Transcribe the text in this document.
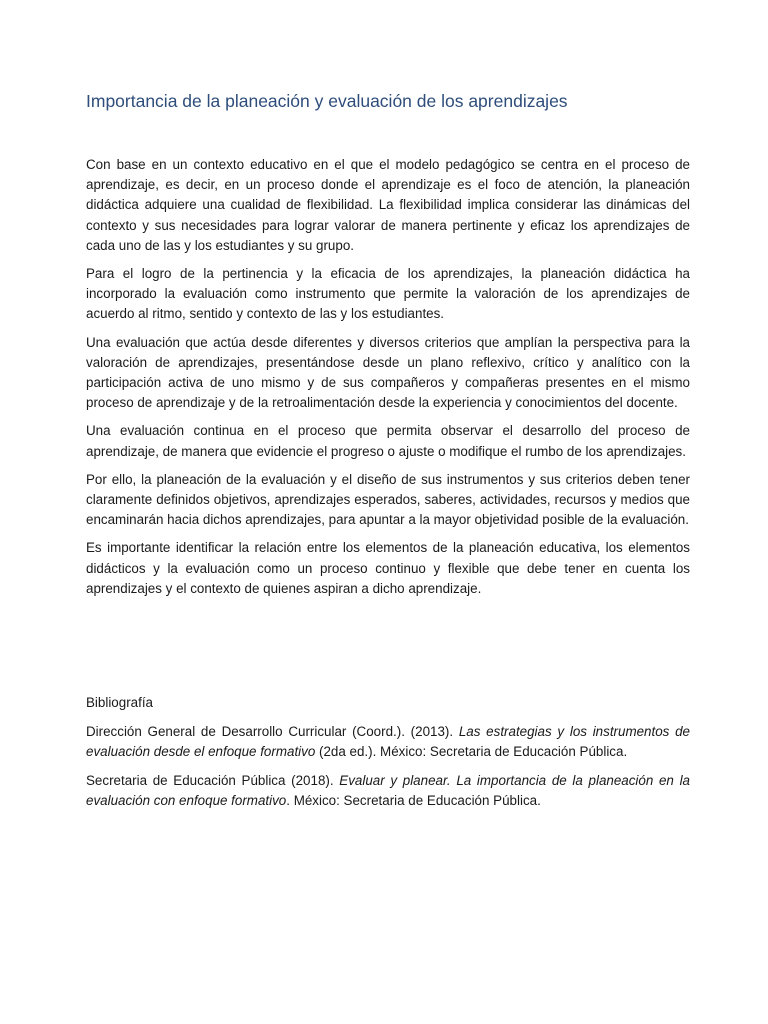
Importancia de la planeación y evaluación de los aprendizajes

Con base en un contexto educativo en el que el modelo pedagógico se centra en el proceso de aprendizaje, es decir, en un proceso donde el aprendizaje es el foco de atención, la planeación didáctica adquiere una cualidad de flexibilidad. La flexibilidad implica considerar las dinámicas del contexto y sus necesidades para lograr valorar de manera pertinente y eficaz los aprendizajes de cada uno de las y los estudiantes y su grupo.

Para el logro de la pertinencia y la eficacia de los aprendizajes, la planeación didáctica ha incorporado la evaluación como instrumento que permite la valoración de los aprendizajes de acuerdo al ritmo, sentido y contexto de las y los estudiantes.

Una evaluación que actúa desde diferentes y diversos criterios que amplían la perspectiva para la valoración de aprendizajes, presentándose desde un plano reflexivo, crítico y analítico con la participación activa de uno mismo y de sus compañeros y compañeras presentes en el mismo proceso de aprendizaje y de la retroalimentación desde la experiencia y conocimientos del docente.

Una evaluación continua en el proceso que permita observar el desarrollo del proceso de aprendizaje, de manera que evidencie el progreso o ajuste o modifique el rumbo de los aprendizajes.

Por ello, la planeación de la evaluación y el diseño de sus instrumentos y sus criterios deben tener claramente definidos objetivos, aprendizajes esperados, saberes, actividades, recursos y medios que encaminarán hacia dichos aprendizajes, para apuntar a la mayor objetividad posible de la evaluación.

Es importante identificar la relación entre los elementos de la planeación educativa, los elementos didácticos y la evaluación como un proceso continuo y flexible que debe tener en cuenta los aprendizajes y el contexto de quienes aspiran a dicho aprendizaje.

Bibliografía

Dirección General de Desarrollo Curricular (Coord.). (2013). Las estrategias y los instrumentos de evaluación desde el enfoque formativo (2da ed.). México: Secretaria de Educación Pública.

Secretaria de Educación Pública (2018). Evaluar y planear. La importancia de la planeación en la evaluación con enfoque formativo. México: Secretaria de Educación Pública.
